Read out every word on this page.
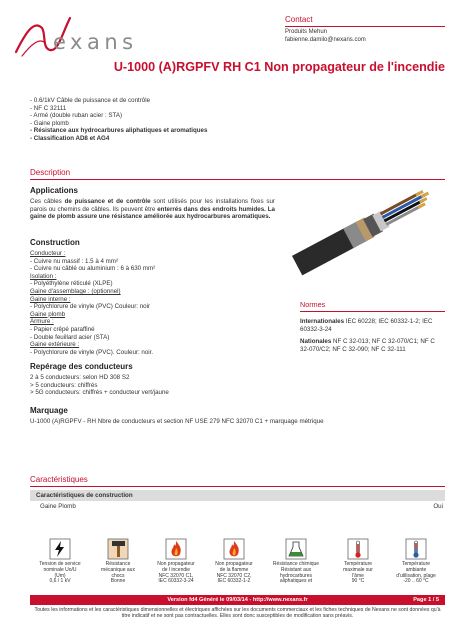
exans
Contact
Produits Mehun
fabienne.damilo@nexans.com
U-1000 (A)RGPFV RH C1 Non propagateur de l'incendie
- 0.6/1kV Câble de puissance et de contrôle
- NF C 32111
- Armé (double ruban acier : STA)
- Gaine plomb
- Résistance aux hydrocarbures aliphatiques et aromatiques
- Classification AD8 et AG4
Description
Applications
Ces câbles de puissance et de contrôle sont utilisés pour les installations fixes sur parois ou chemins de câbles. Ils peuvent être enterrés dans des endroits humides. La gaine de plomb assure une résistance améliorée aux hydrocarbures aromatiques.
Construction
Conducteur :
- Cuivre nu massif : 1.5 à 4 mm²
- Cuivre nu câblé ou aluminium : 6 à 630 mm²
Isolation :
- Polyéthylène réticulé (XLPE)
Gaine d'assemblage : (optionnel)
Gaine interne :
- Polychlorure de vinyle (PVC) Couleur: noir
Gaine plomb
Armure :
- Papier crêpé paraffiné
- Double feuillard acier (STA)
Gaine extérieure :
- Polychlorure de vinyle (PVC). Couleur: noir.
Normes
Internationales IEC 60228; IEC 60332-1-2; IEC 60332-3-24
Nationales NF C 32-013; NF C 32-070/C1; NF C 32-070/C2; NF C 32-090; NF C 32-111
Repérage des conducteurs
2 à 5 conducteurs: selon HD 308 S2
> 5 conducteurs: chiffrés
> 5G conducteurs: chiffrés + conducteur vert/jaune
Marquage
U-1000 (A)RGPFV - RH Nbre de conducteurs et section NF USE 279 NFC 32070 C1 + marquage métrique
Caractéristiques
Caractéristiques de construction
Gaine Plomb	Oui
Tension de service
nominale Uo/U
(Um)
0,6 / 1 kV
Résistance
mécanique aux
chocs
Bonne
Non propagateur
de l incendie
NFC 32070 C1,
IEC 60332-3-24
Non propagateur
de la flamme
NFC 32070 C2,
IEC 60332-1-2
Résistance chimique
Résistant aux
hydrocarbures
aliphatiques et
Température
maximale sur
l'âme
90 °C
Température
ambiante
d'utilisation, plage
-20 .. 60 °C
Version fd4 Généré le 09/03/14 - http://www.nexans.fr	Page 1 / 5
Toutes les informations et les caractéristiques dimensionnelles et électriques affichées sur les documents commerciaux et les fiches techniques de Nexans ne sont données qu'à titre indicatif et ne sont pas contractuelles. Elles sont donc susceptibles de modification sans préavis.
